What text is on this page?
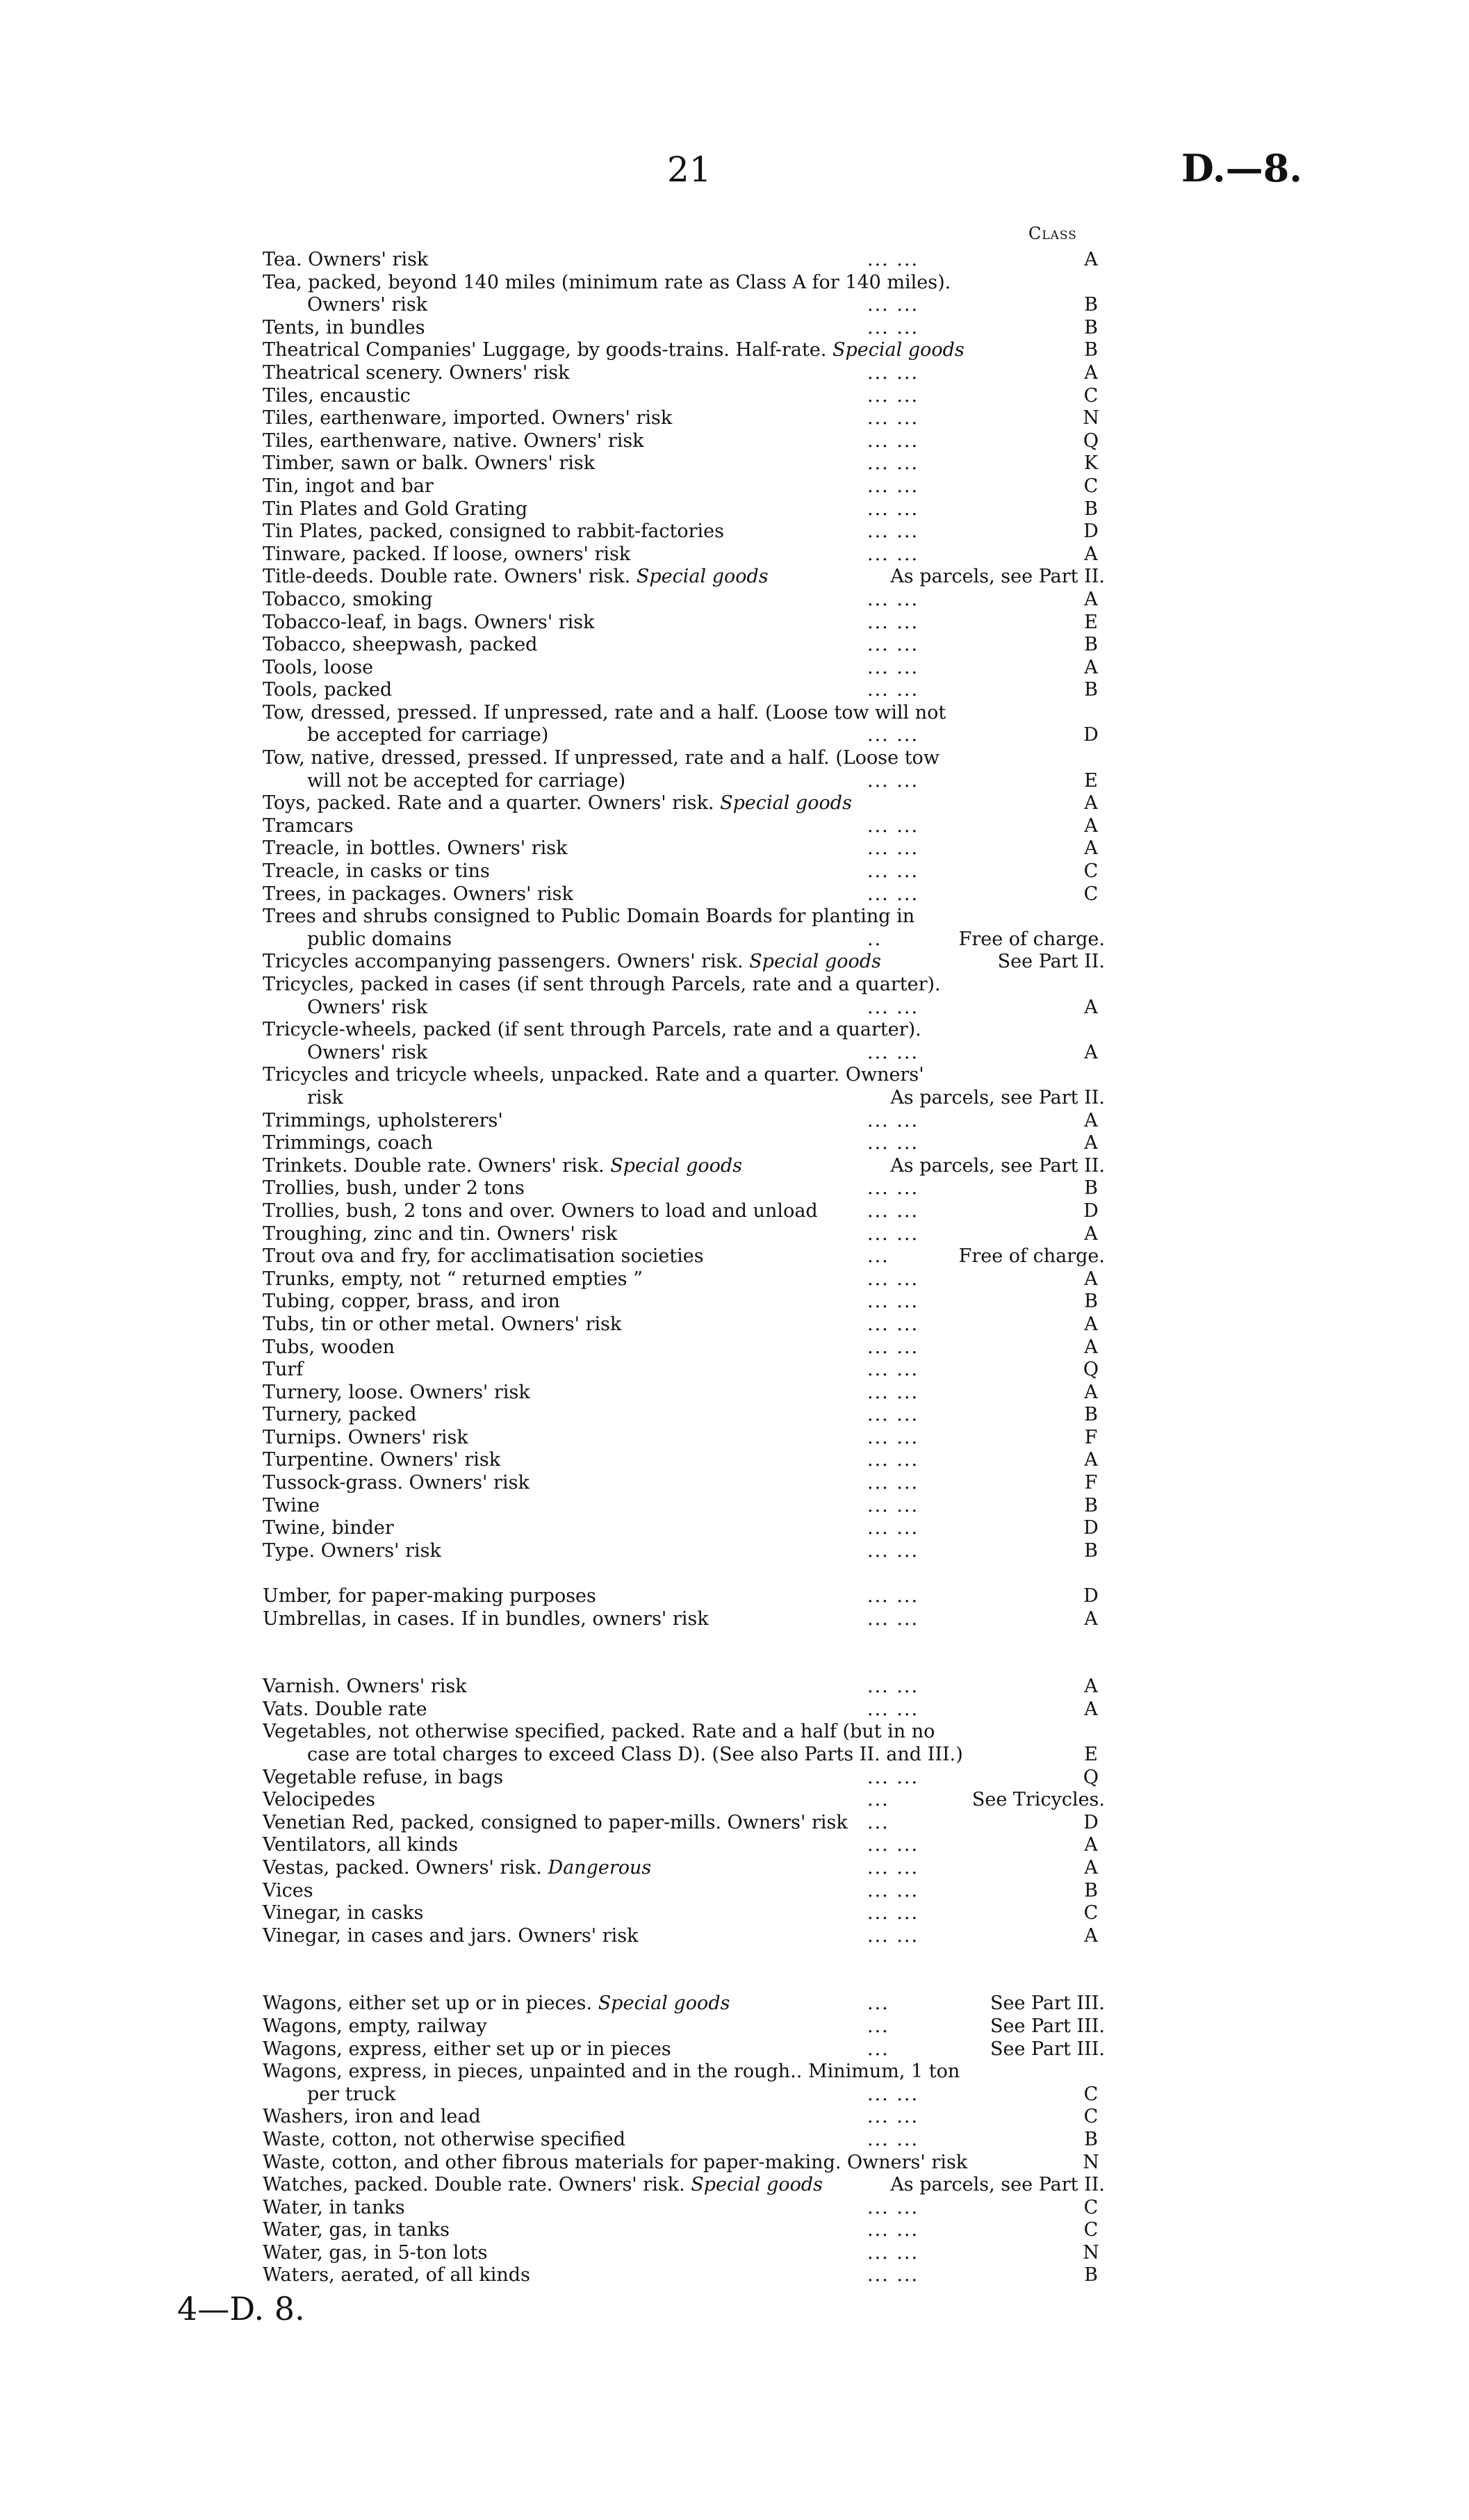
21	D.—8.
Class
Tea. Owners' risk	... ...	A
Tea, packed, beyond 140 miles (minimum rate as Class A for 140 miles).
Owners' risk	... ...	B
Tents, in bundles	... ...	B
Theatrical Companies' Luggage, by goods-trains. Half-rate. Special goods	B
Theatrical scenery. Owners' risk	... ...	A
Tiles, encaustic	... ...	C
Tiles, earthenware, imported. Owners' risk	... ...	N
Tiles, earthenware, native. Owners' risk	... ...	Q
Timber, sawn or balk. Owners' risk	... ...	K
Tin, ingot and bar	... ...	C
Tin Plates and Gold Grating	... ...	B
Tin Plates, packed, consigned to rabbit-factories	... ...	D
Tinware, packed. If loose, owners' risk	... ...	A
Title-deeds. Double rate. Owners' risk. Special goods	As parcels, see Part II.
Tobacco, smoking	... ...	A
Tobacco-leaf, in bags. Owners' risk	... ...	E
Tobacco, sheepwash, packed	... ...	B
Tools, loose	... ...	A
Tools, packed	... ...	B
Tow, dressed, pressed. If unpressed, rate and a half. (Loose tow will not
be accepted for carriage)	... ...	D
Tow, native, dressed, pressed. If unpressed, rate and a half. (Loose tow
will not be accepted for carriage)	... ...	E
Toys, packed. Rate and a quarter. Owners' risk. Special goods	A
Tramcars	... ...	A
Treacle, in bottles. Owners' risk	... ...	A
Treacle, in casks or tins	... ...	C
Trees, in packages. Owners' risk	... ...	C
Trees and shrubs consigned to Public Domain Boards for planting in
public domains	..	Free of charge.
Tricycles accompanying passengers. Owners' risk. Special goods	See Part II.
Tricycles, packed in cases (if sent through Parcels, rate and a quarter).
Owners' risk	... ...	A
Tricycle-wheels, packed (if sent through Parcels, rate and a quarter).
Owners' risk	... ...	A
Tricycles and tricycle wheels, unpacked. Rate and a quarter. Owners'
risk	As parcels, see Part II.
Trimmings, upholsterers'	... ...	A
Trimmings, coach	... ...	A
Trinkets. Double rate. Owners' risk. Special goods	As parcels, see Part II.
Trollies, bush, under 2 tons	... ...	B
Trollies, bush, 2 tons and over. Owners to load and unload	... ...	D
Troughing, zinc and tin. Owners' risk	... ...	A
Trout ova and fry, for acclimatisation societies	...	Free of charge.
Trunks, empty, not “ returned empties ”	... ...	A
Tubing, copper, brass, and iron	... ...	B
Tubs, tin or other metal. Owners' risk	... ...	A
Tubs, wooden	... ...	A
Turf	... ...	Q
Turnery, loose. Owners' risk	... ...	A
Turnery, packed	... ...	B
Turnips. Owners' risk	... ...	F
Turpentine. Owners' risk	... ...	A
Tussock-grass. Owners' risk	... ...	F
Twine	... ...	B
Twine, binder	... ...	D
Type. Owners' risk	... ...	B
Umber, for paper-making purposes	... ...	D
Umbrellas, in cases. If in bundles, owners' risk	... ...	A
Varnish. Owners' risk	... ...	A
Vats. Double rate	... ...	A
Vegetables, not otherwise specified, packed. Rate and a half (but in no
case are total charges to exceed Class D). (See also Parts II. and III.)	E
Vegetable refuse, in bags	... ...	Q
Velocipedes	...	See Tricycles.
Venetian Red, packed, consigned to paper-mills. Owners' risk ...	D
Ventilators, all kinds	... ...	A
Vestas, packed. Owners' risk. Dangerous	... ...	A
Vices	... ...	B
Vinegar, in casks	... ...	C
Vinegar, in cases and jars. Owners' risk	... ...	A
Wagons, either set up or in pieces. Special goods	...	See Part III.
Wagons, empty, railway	...	See Part III.
Wagons, express, either set up or in pieces	...	See Part III.
Wagons, express, in pieces, unpainted and in the rough.. Minimum, 1 ton
per truck	... ...	C
Washers, iron and lead	... ...	C
Waste, cotton, not otherwise specified	... ...	B
Waste, cotton, and other fibrous materials for paper-making. Owners' risk	N
Watches, packed. Double rate. Owners' risk. Special goods	As parcels, see Part II.
Water, in tanks	... ...	C
Water, gas, in tanks	... ...	C
Water, gas, in 5-ton lots	... ...	N
Waters, aerated, of all kinds	... ...	B
4—D. 8.
